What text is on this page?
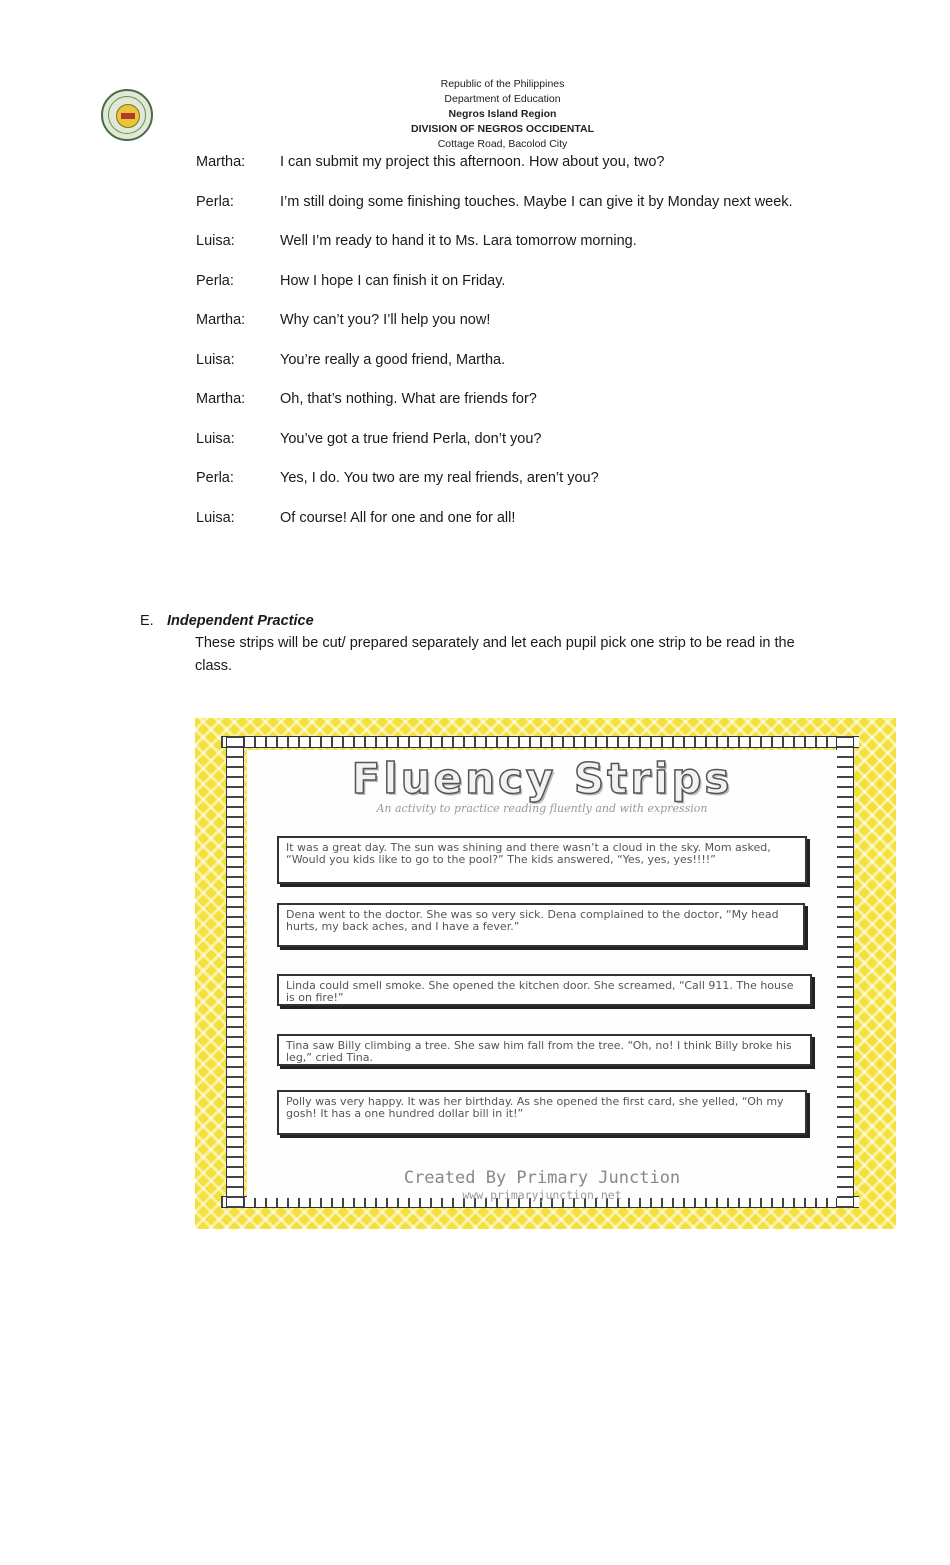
Republic of the Philippines
Department of Education
Negros Island Region
DIVISION OF NEGROS OCCIDENTAL
Cottage Road, Bacolod City
Martha:	I can submit my project this afternoon. How about you, two?
Perla:	I’m still doing some finishing touches. Maybe I can give it by Monday next week.
Luisa:	Well I’m ready to hand it to Ms. Lara tomorrow morning.
Perla:	How I hope I can finish it on Friday.
Martha:	Why can’t you? I’ll help you now!
Luisa:	You’re really a good friend, Martha.
Martha:	Oh, that’s nothing. What are friends for?
Luisa:	You’ve got a true friend Perla, don’t you?
Perla:	Yes, I do. You two are my real friends, aren’t you?
Luisa:	Of course! All for one and one for all!
E. Independent Practice
These strips will be cut/ prepared separately and let each pupil pick one strip to be read in the class.
Fluency Strips
An activity to practice reading fluently and with expression
It was a great day. The sun was shining and there wasn’t a cloud in the sky. Mom asked, “Would you kids like to go to the pool?” The kids answered, “Yes, yes, yes!!!!”
Dena went to the doctor. She was so very sick. Dena complained to the doctor, “My head hurts, my back aches, and I have a fever.”
Linda could smell smoke. She opened the kitchen door. She screamed, “Call 911. The house is on fire!”
Tina saw Billy climbing a tree. She saw him fall from the tree. “Oh, no! I think Billy broke his leg,” cried Tina.
Polly was very happy. It was her birthday. As she opened the first card, she yelled, “Oh my gosh! It has a one hundred dollar bill in it!”
Created By Primary Junction
www.primaryjunction.net
